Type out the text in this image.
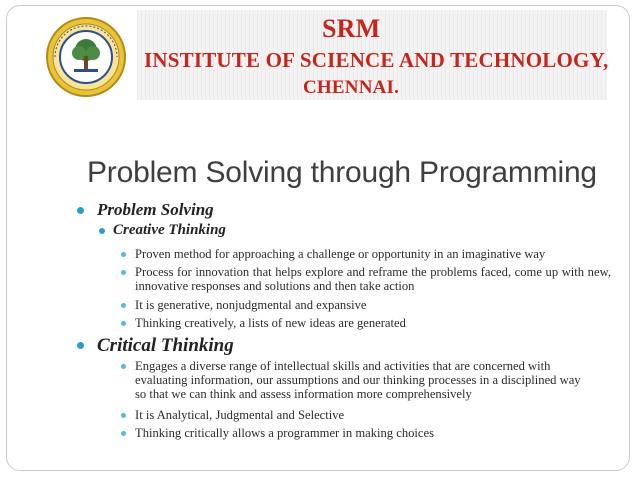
SRM
INSTITUTE OF SCIENCE AND TECHNOLOGY,
CHENNAI.
Problem Solving through Programming
Problem Solving
Creative Thinking
Proven method for approaching a challenge or opportunity in an imaginative way
Process for innovation that helps explore and reframe the problems faced, come up with new, innovative responses and solutions and then take action
It is generative, nonjudgmental and expansive
Thinking creatively, a lists of new ideas are generated
Critical Thinking
Engages a diverse range of intellectual skills and activities that are concerned with evaluating information, our assumptions and our thinking processes in a disciplined way so that we can think and assess information more comprehensively
It is Analytical, Judgmental and Selective
Thinking critically allows a programmer in making choices
